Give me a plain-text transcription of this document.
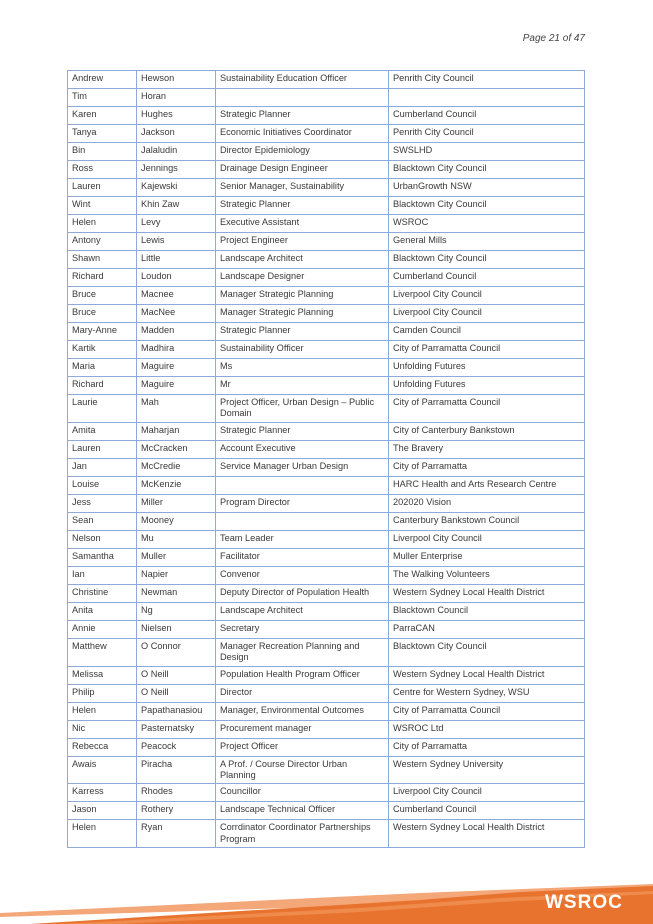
Page 21 of 47
Andrew	Hewson	Sustainability Education Officer	Penrith City Council
Tim	Horan		
Karen	Hughes	Strategic Planner	Cumberland Council
Tanya	Jackson	Economic Initiatives Coordinator	Penrith City Council
Bin	Jalaludin	Director Epidemiology	SWSLHD
Ross	Jennings	Drainage Design Engineer	Blacktown City Council
Lauren	Kajewski	Senior Manager, Sustainability	UrbanGrowth NSW
Wint	Khin Zaw	Strategic Planner	Blacktown City Council
Helen	Levy	Executive Assistant	WSROC
Antony	Lewis	Project Engineer	General Mills
Shawn	Little	Landscape Architect	Blacktown City Council
Richard	Loudon	Landscape Designer	Cumberland Council
Bruce	Macnee	Manager Strategic Planning	Liverpool City Council
Bruce	MacNee	Manager Strategic Planning	Liverpool City Council
Mary-Anne	Madden	Strategic Planner	Camden Council
Kartik	Madhira	Sustainability Officer	City of Parramatta Council
Maria	Maguire	Ms	Unfolding Futures
Richard	Maguire	Mr	Unfolding Futures
Laurie	Mah	Project Officer, Urban Design – Public Domain	City of Parramatta Council
Amita	Maharjan	Strategic Planner	City of Canterbury Bankstown
Lauren	McCracken	Account Executive	The Bravery
Jan	McCredie	Service Manager Urban Design	City of Parramatta
Louise	McKenzie		HARC Health and Arts Research Centre
Jess	Miller	Program Director	202020 Vision
Sean	Mooney		Canterbury Bankstown Council
Nelson	Mu	Team Leader	Liverpool City Council
Samantha	Muller	Facilitator	Muller Enterprise
Ian	Napier	Convenor	The Walking Volunteers
Christine	Newman	Deputy Director of Population Health	Western Sydney Local Health District
Anita	Ng	Landscape Architect	Blacktown Council
Annie	Nielsen	Secretary	ParraCAN
Matthew	O Connor	Manager Recreation Planning and Design	Blacktown City Council
Melissa	O Neill	Population Health Program Officer	Western Sydney Local Health District
Philip	O Neill	Director	Centre for Western Sydney, WSU
Helen	Papathanasiou	Manager, Environmental Outcomes	City of Parramatta Council
Nic	Pasternatsky	Procurement manager	WSROC Ltd
Rebecca	Peacock	Project Officer	City of Parramatta
Awais	Piracha	A Prof. / Course Director Urban Planning	Western Sydney University
Karress	Rhodes	Councillor	Liverpool City Council
Jason	Rothery	Landscape Technical Officer	Cumberland Council
Helen	Ryan	Corrdinator Coordinator Partnerships Program	Western Sydney Local Health District
WSROC
